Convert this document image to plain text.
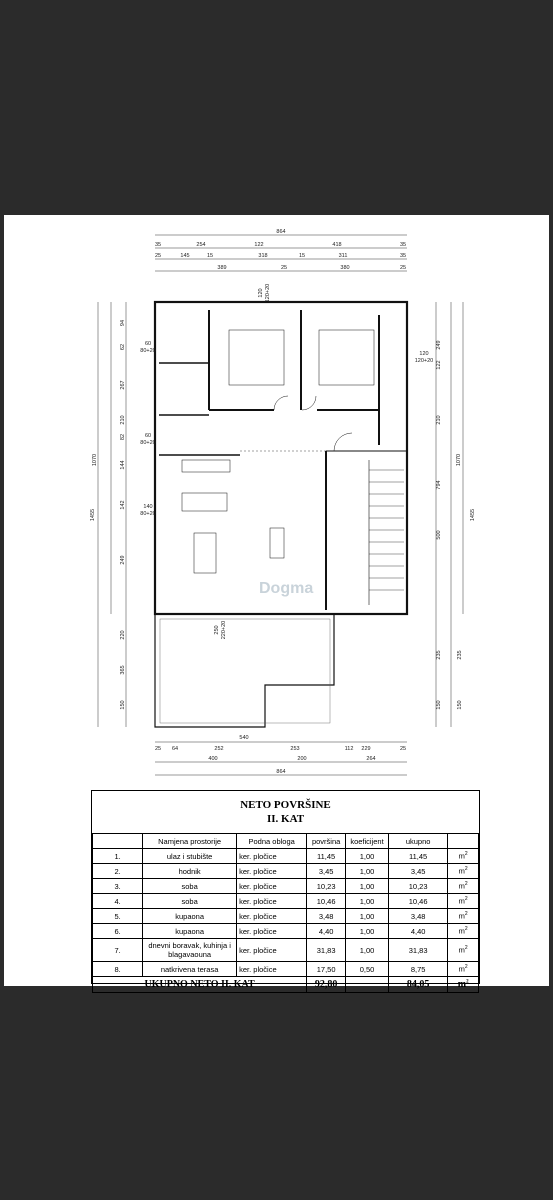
864
35	254	122	418	35
25	145	15	318	15	311	35
389	25	380	25
25 64	252	253	112 229	25
540
400	200	264
864
1070
1455
94
62
267
210
82
144
142
249
220
365
150
249
122
210
794
500
235
150
1070
1455
235
150
120 120+20
60
80+20	120
120+20
60
80+20
140
80+20
250 220+20
Dogma
NETO POVRŠINE
II. KAT
	Namjena prostorije	Podna obloga	površina	koeficijent	ukupno	
1.	ulaz i stubište	ker. pločice	11,45	1,00	11,45	$m^2$
2.	hodnik	ker. pločice	3,45	1,00	3,45	$m^2$
3.	soba	ker. pločice	10,23	1,00	10,23	$m^2$
4.	soba	ker. pločice	10,46	1,00	10,46	$m^2$
5.	kupaona	ker. pločice	3,48	1,00	3,48	$m^2$
6.	kupaona	ker. pločice	4,40	1,00	4,40	$m^2$
7.	dnevni boravak, kuhinja i blagavaouna	ker. pločice	31,83	1,00	31,83	$m^2$
8.	natkrivena terasa	ker. pločice	17,50	0,50	8,75	$m^2$
UKUPNO NETO II. KAT			92,80		84,05	$m^2$
